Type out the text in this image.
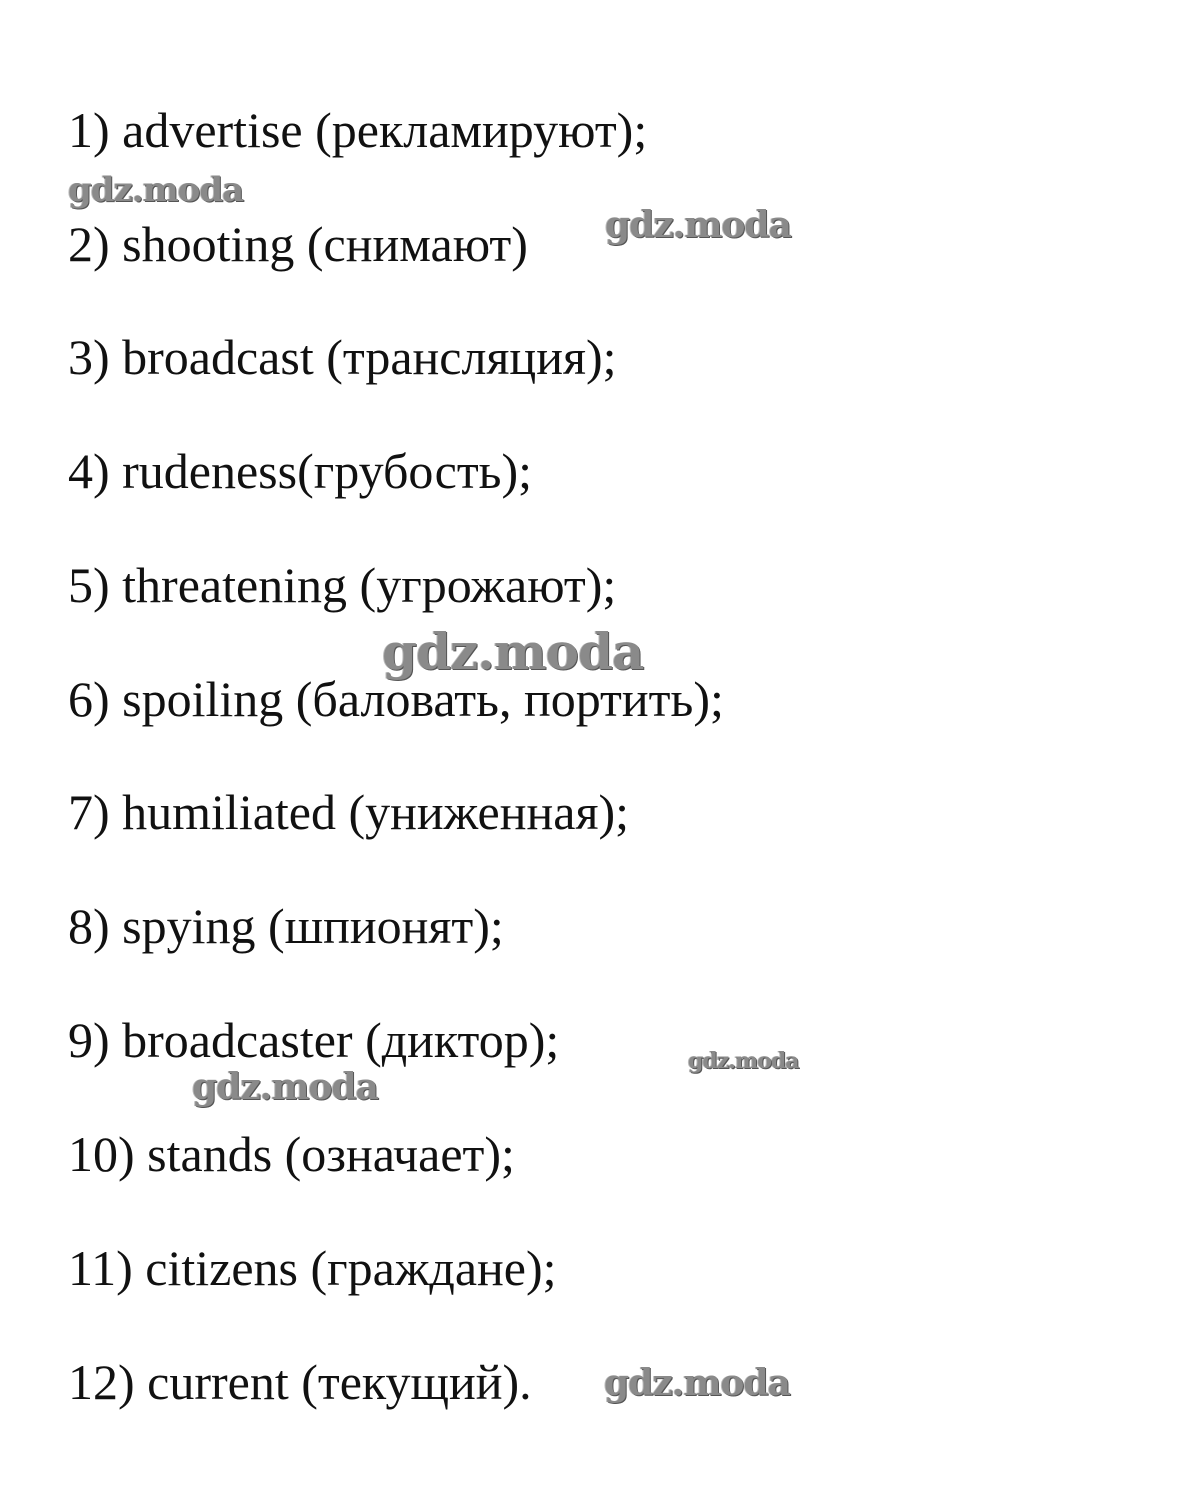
1) advertise (рекламируют);
2) shooting (снимают)
3) broadcast (трансляция);
4) rudeness(грубость);
5) threatening (угрожают);
6) spoiling (баловать, портить);
7) humiliated (униженная);
8) spying (шпионят);
9) broadcaster (диктор);
10) stands (означает);
11) citizens (граждане);
12) current (текущий).
gdz.moda
gdz.moda
gdz.moda
gdz.moda
gdz.moda
gdz.moda
